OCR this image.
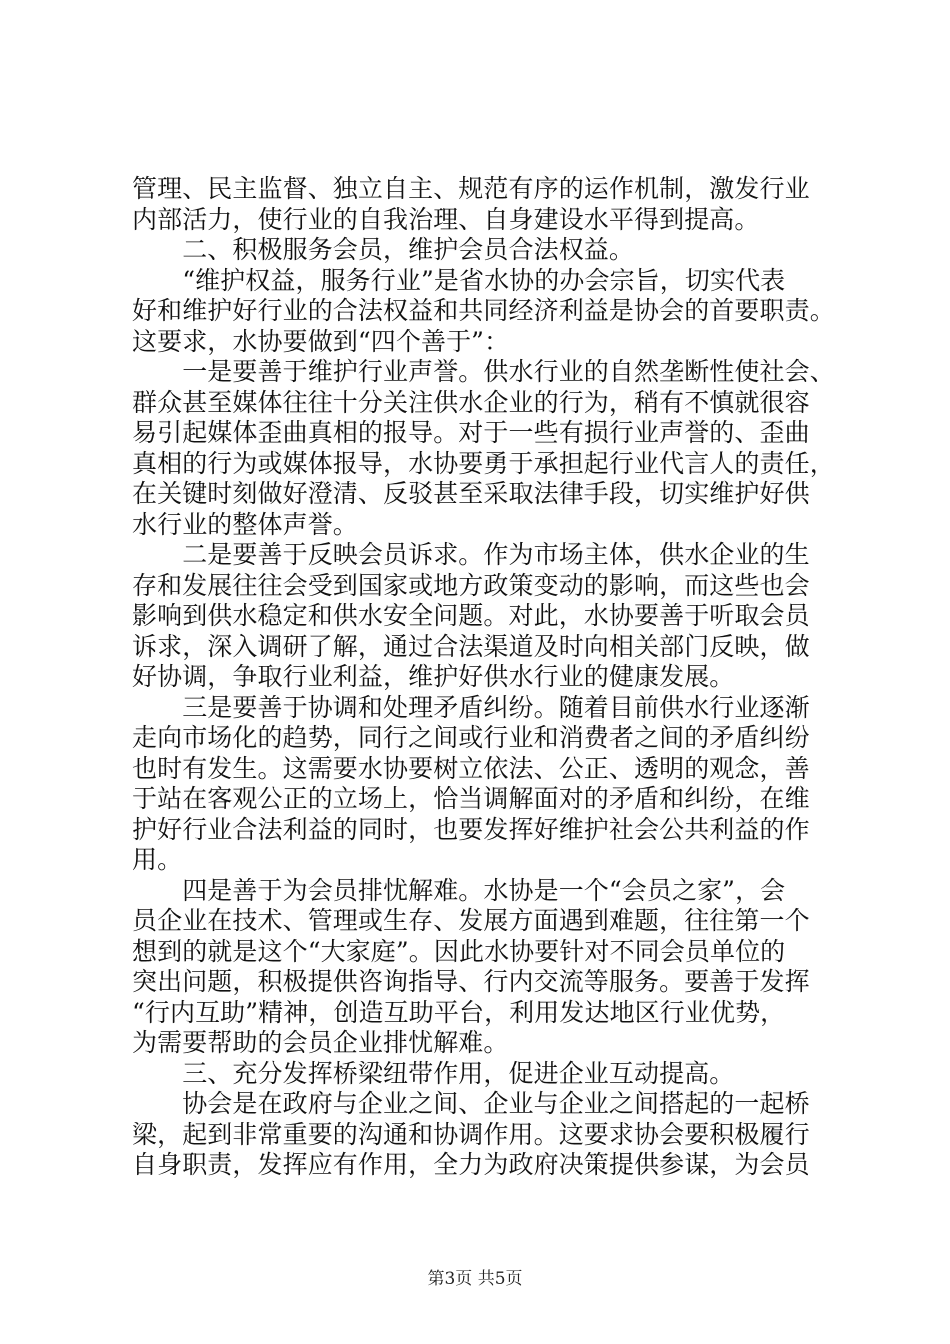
管理、民主监督、独立自主、规范有序的运作机制，激发行业
内部活力，使行业的自我治理、自身建设水平得到提高。
　　二、积极服务会员，维护会员合法权益。
　　“维护权益，服务行业”是省水协的办会宗旨，切实代表
好和维护好行业的合法权益和共同经济利益是协会的首要职责。
这要求，水协要做到“四个善于”：
　　一是要善于维护行业声誉。供水行业的自然垄断性使社会、
群众甚至媒体往往十分关注供水企业的行为，稍有不慎就很容
易引起媒体歪曲真相的报导。对于一些有损行业声誉的、歪曲
真相的行为或媒体报导，水协要勇于承担起行业代言人的责任，
在关键时刻做好澄清、反驳甚至采取法律手段，切实维护好供
水行业的整体声誉。
　　二是要善于反映会员诉求。作为市场主体，供水企业的生
存和发展往往会受到国家或地方政策变动的影响，而这些也会
影响到供水稳定和供水安全问题。对此，水协要善于听取会员
诉求，深入调研了解，通过合法渠道及时向相关部门反映，做
好协调，争取行业利益，维护好供水行业的健康发展。
　　三是要善于协调和处理矛盾纠纷。随着目前供水行业逐渐
走向市场化的趋势，同行之间或行业和消费者之间的矛盾纠纷
也时有发生。这需要水协要树立依法、公正、透明的观念，善
于站在客观公正的立场上，恰当调解面对的矛盾和纠纷，在维
护好行业合法利益的同时，也要发挥好维护社会公共利益的作
用。
　　四是善于为会员排忧解难。水协是一个“会员之家”，会
员企业在技术、管理或生存、发展方面遇到难题，往往第一个
想到的就是这个“大家庭”。因此水协要针对不同会员单位的
突出问题，积极提供咨询指导、行内交流等服务。要善于发挥
“行内互助”精神，创造互助平台，利用发达地区行业优势，
为需要帮助的会员企业排忧解难。
　　三、充分发挥桥梁纽带作用，促进企业互动提高。
　　协会是在政府与企业之间、企业与企业之间搭起的一起桥
梁，起到非常重要的沟通和协调作用。这要求协会要积极履行
自身职责，发挥应有作用，全力为政府决策提供参谋，为会员
第3页 共5页
